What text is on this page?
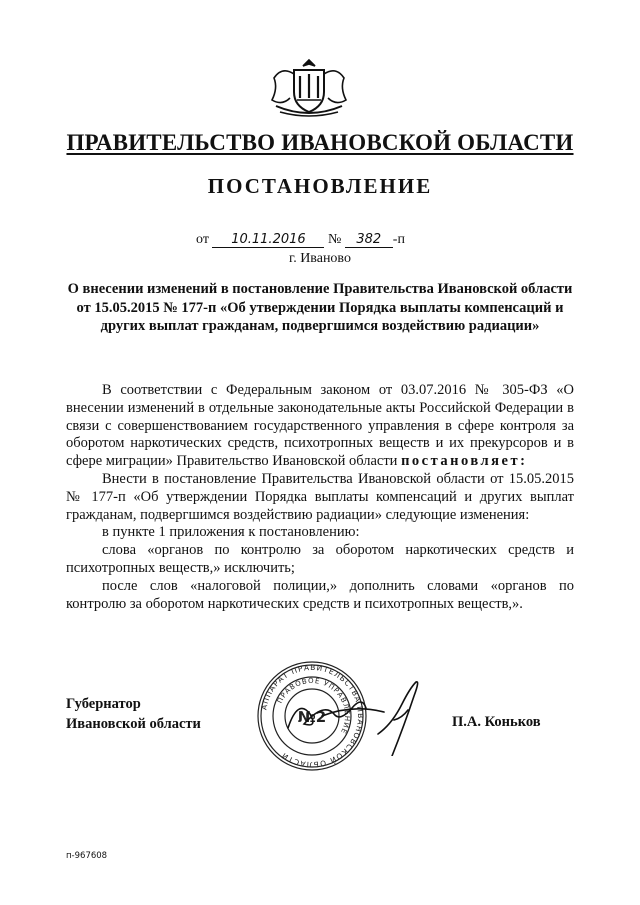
ПРАВИТЕЛЬСТВО ИВАНОВСКОЙ ОБЛАСТИ
ПОСТАНОВЛЕНИЕ
от 10.11.2016 № 382 -п
г. Иваново
О внесении изменений в постановление Правительства Ивановской области от 15.05.2015 № 177-п «Об утверждении Порядка выплаты компенсаций и других выплат гражданам, подвергшимся воздействию радиации»

В соответствии с Федеральным законом от 03.07.2016 № 305-ФЗ «О внесении изменений в отдельные законодательные акты Российской Федерации в связи с совершенствованием государственного управления в сфере контроля за оборотом наркотических средств, психотропных веществ и их прекурсоров и в сфере миграции» Правительство Ивановской области постановляет:

Внести в постановление Правительства Ивановской области от 15.05.2015 № 177-п «Об утверждении Порядка выплаты компенсаций и других выплат гражданам, подвергшимся воздействию радиации» следующие изменения:

в пункте 1 приложения к постановлению:

слова «органов по контролю за оборотом наркотических средств и психотропных веществ,» исключить;

после слов «налоговой полиции,» дополнить словами «органов по контролю за оборотом наркотических средств и психотропных веществ,».

АППАРАТ ПРАВИТЕЛЬСТВА ИВАНОВСКОЙ ОБЛАСТИ
ПРАВОВОЕ УПРАВЛЕНИЕ
№2
Губернатор
Ивановской области	П.А. Коньков
п-967608
